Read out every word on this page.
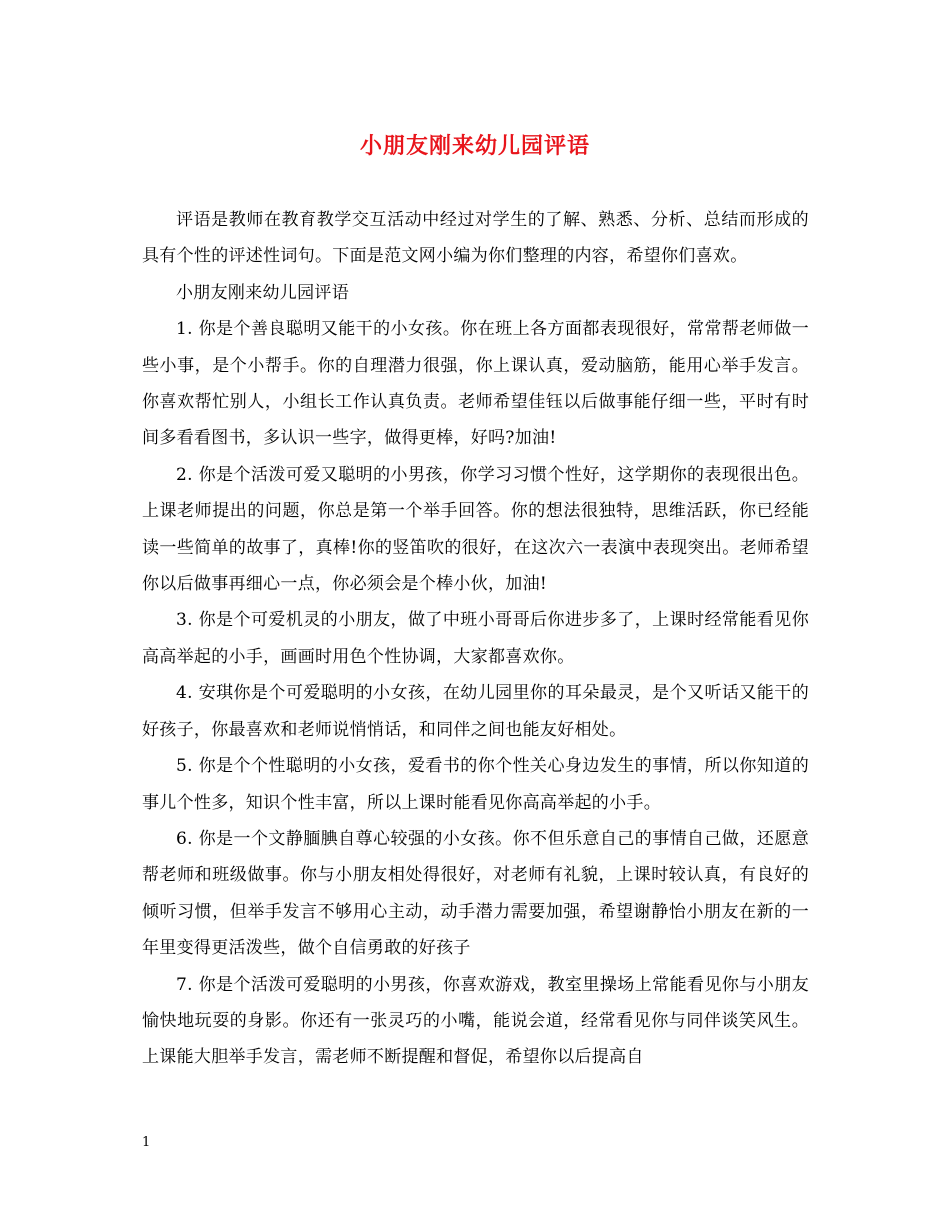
小朋友刚来幼儿园评语

评语是教师在教育教学交互活动中经过对学生的了解、熟悉、分析、总结而形成的具有个性的评述性词句。下面是范文网小编为你们整理的内容，希望你们喜欢。

小朋友刚来幼儿园评语

1. 你是个善良聪明又能干的小女孩。你在班上各方面都表现很好，常常帮老师做一些小事，是个小帮手。你的自理潜力很强，你上课认真，爱动脑筋，能用心举手发言。你喜欢帮忙别人，小组长工作认真负责。老师希望佳钰以后做事能仔细一些，平时有时间多看看图书，多认识一些字，做得更棒，好吗?加油!

2. 你是个活泼可爱又聪明的小男孩，你学习习惯个性好，这学期你的表现很出色。上课老师提出的问题，你总是第一个举手回答。你的想法很独特，思维活跃，你已经能读一些简单的故事了，真棒!你的竖笛吹的很好，在这次六一表演中表现突出。老师希望你以后做事再细心一点，你必须会是个棒小伙，加油!

3. 你是个可爱机灵的小朋友，做了中班小哥哥后你进步多了，上课时经常能看见你高高举起的小手，画画时用色个性协调，大家都喜欢你。

4. 安琪你是个可爱聪明的小女孩，在幼儿园里你的耳朵最灵，是个又听话又能干的好孩子，你最喜欢和老师说悄悄话，和同伴之间也能友好相处。

5. 你是个个性聪明的小女孩，爱看书的你个性关心身边发生的事情，所以你知道的事儿个性多，知识个性丰富，所以上课时能看见你高高举起的小手。

6. 你是一个文静腼腆自尊心较强的小女孩。你不但乐意自己的事情自己做，还愿意帮老师和班级做事。你与小朋友相处得很好，对老师有礼貌，上课时较认真，有良好的倾听习惯，但举手发言不够用心主动，动手潜力需要加强，希望谢静怡小朋友在新的一年里变得更活泼些，做个自信勇敢的好孩子

7. 你是个活泼可爱聪明的小男孩，你喜欢游戏，教室里操场上常能看见你与小朋友愉快地玩耍的身影。你还有一张灵巧的小嘴，能说会道，经常看见你与同伴谈笑风生。上课能大胆举手发言，需老师不断提醒和督促，希望你以后提高自

1
